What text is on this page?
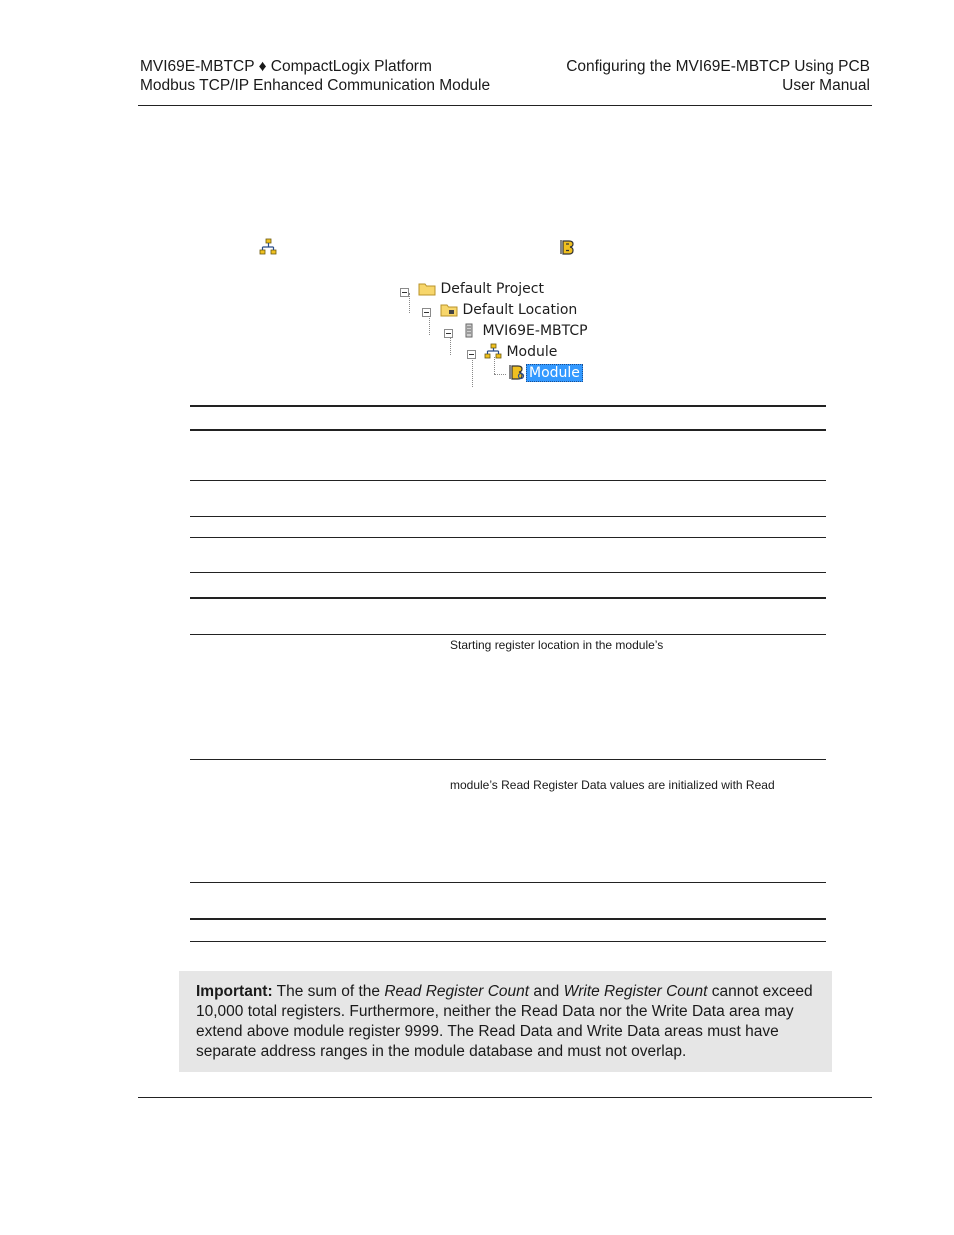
MVI69E-MBTCP ♦ CompactLogix Platform
Modbus TCP/IP Enhanced Communication Module
Configuring the MVI69E-MBTCP Using PCB
User Manual
Default Project
Default Location
MVI69E-MBTCP
Module
Module
Starting register location in the module’s
module’s Read Register Data values are initialized with Read
Important: The sum of the Read Register Count and Write Register Count cannot exceed 10,000 total registers. Furthermore, neither the Read Data nor the Write Data area may extend above module register 9999. The Read Data and Write Data areas must have separate address ranges in the module database and must not overlap.
